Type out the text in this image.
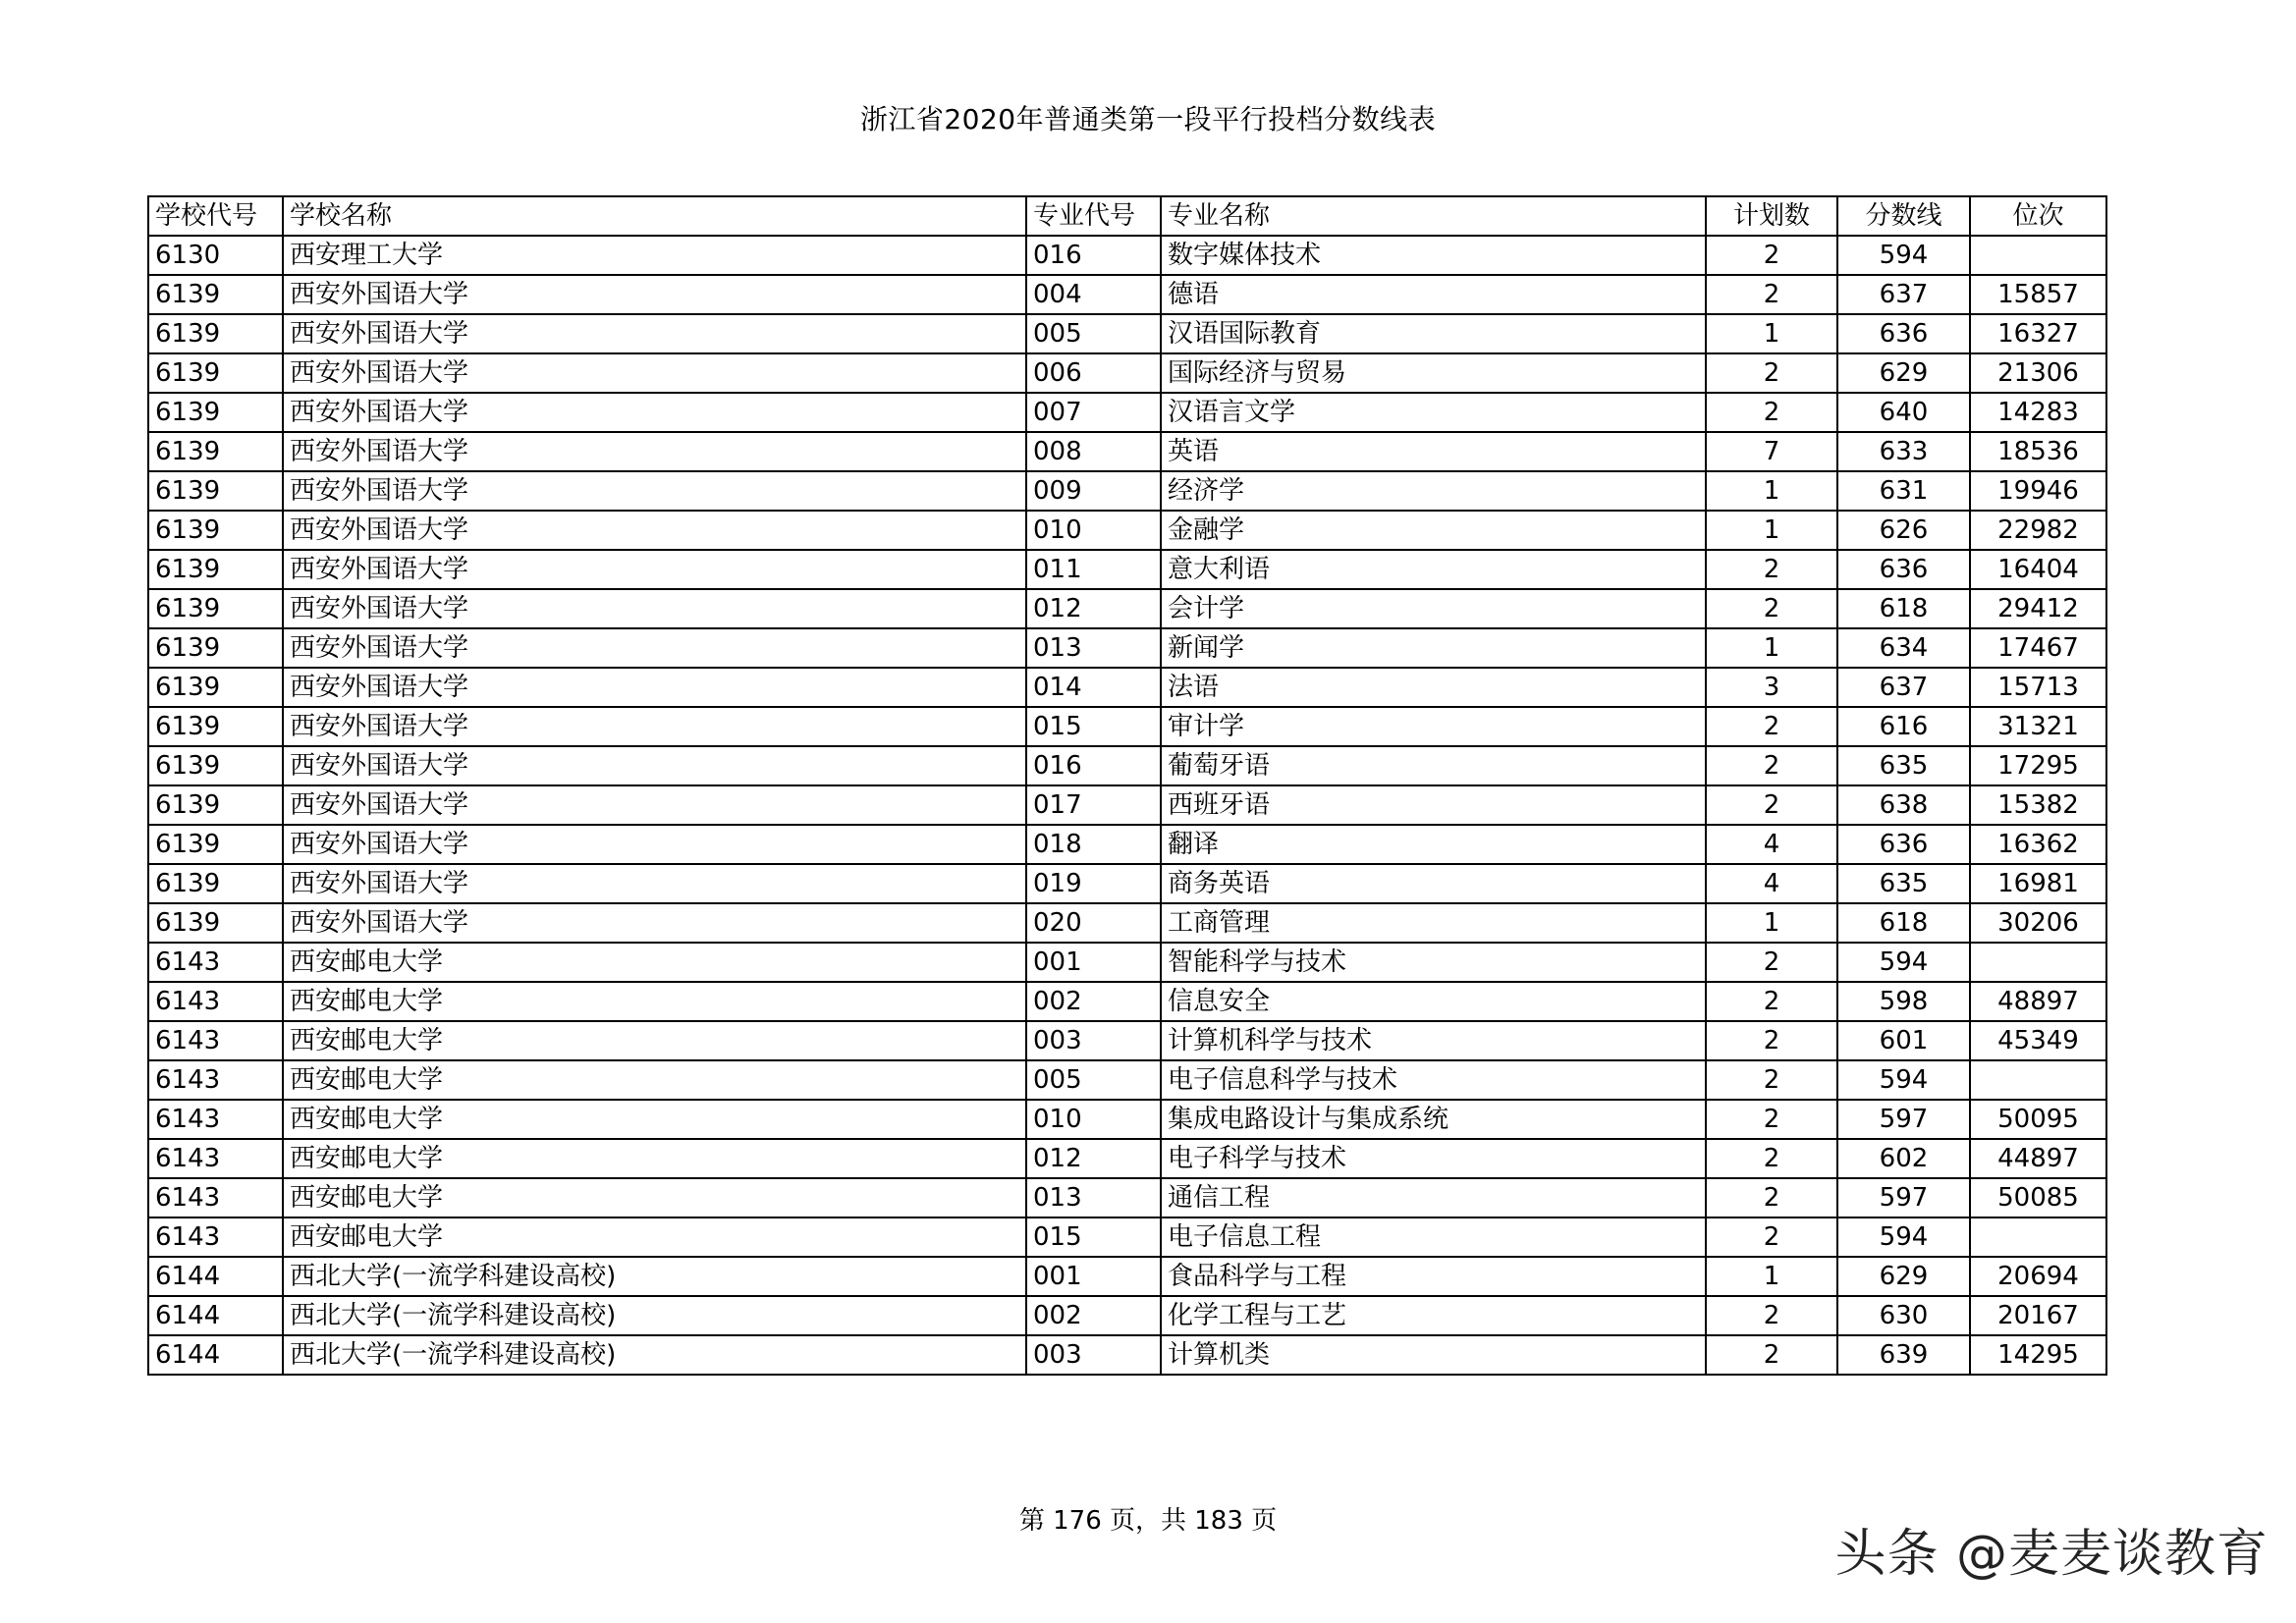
浙江省2020年普通类第一段平行投档分数线表
学校代号	学校名称	专业代号	专业名称	计划数	分数线	位次
6130	西安理工大学	016	数字媒体技术	2	594	
6139	西安外国语大学	004	德语	2	637	15857
6139	西安外国语大学	005	汉语国际教育	1	636	16327
6139	西安外国语大学	006	国际经济与贸易	2	629	21306
6139	西安外国语大学	007	汉语言文学	2	640	14283
6139	西安外国语大学	008	英语	7	633	18536
6139	西安外国语大学	009	经济学	1	631	19946
6139	西安外国语大学	010	金融学	1	626	22982
6139	西安外国语大学	011	意大利语	2	636	16404
6139	西安外国语大学	012	会计学	2	618	29412
6139	西安外国语大学	013	新闻学	1	634	17467
6139	西安外国语大学	014	法语	3	637	15713
6139	西安外国语大学	015	审计学	2	616	31321
6139	西安外国语大学	016	葡萄牙语	2	635	17295
6139	西安外国语大学	017	西班牙语	2	638	15382
6139	西安外国语大学	018	翻译	4	636	16362
6139	西安外国语大学	019	商务英语	4	635	16981
6139	西安外国语大学	020	工商管理	1	618	30206
6143	西安邮电大学	001	智能科学与技术	2	594	
6143	西安邮电大学	002	信息安全	2	598	48897
6143	西安邮电大学	003	计算机科学与技术	2	601	45349
6143	西安邮电大学	005	电子信息科学与技术	2	594	
6143	西安邮电大学	010	集成电路设计与集成系统	2	597	50095
6143	西安邮电大学	012	电子科学与技术	2	602	44897
6143	西安邮电大学	013	通信工程	2	597	50085
6143	西安邮电大学	015	电子信息工程	2	594	
6144	西北大学(一流学科建设高校)	001	食品科学与工程	1	629	20694
6144	西北大学(一流学科建设高校)	002	化学工程与工艺	2	630	20167
6144	西北大学(一流学科建设高校)	003	计算机类	2	639	14295
第 176 页，共 183 页
头条 @麦麦谈教育
